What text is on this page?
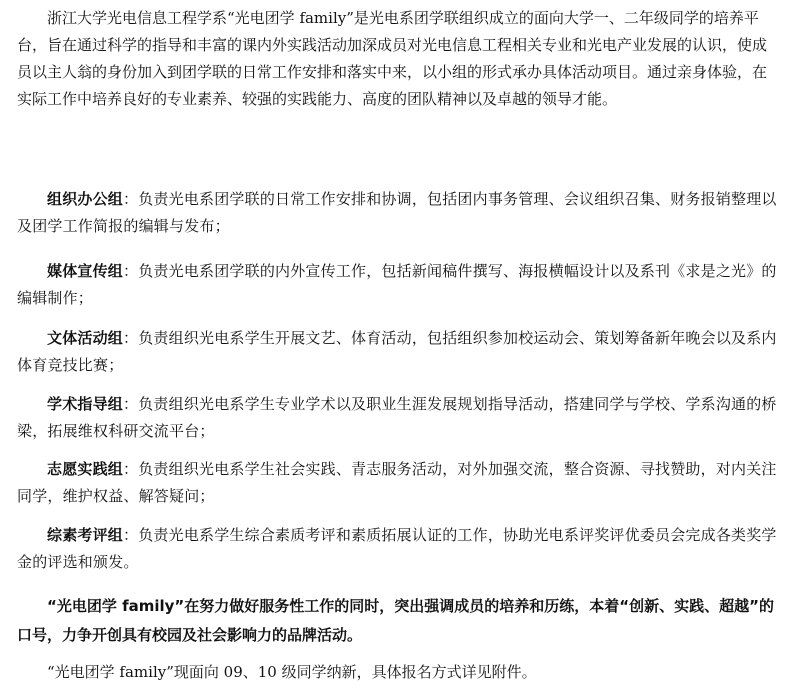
浙江大学光电信息工程学系“光电团学 family”是光电系团学联组织成立的面向大学一、二年级同学的培养平台，旨在通过科学的指导和丰富的课内外实践活动加深成员对光电信息工程相关专业和光电产业发展的认识，使成员以主人翁的身份加入到团学联的日常工作安排和落实中来，以小组的形式承办具体活动项目。通过亲身体验，在实际工作中培养良好的专业素养、较强的实践能力、高度的团队精神以及卓越的领导才能。

组织办公组：负责光电系团学联的日常工作安排和协调，包括团内事务管理、会议组织召集、财务报销整理以及团学工作简报的编辑与发布；

媒体宣传组：负责光电系团学联的内外宣传工作，包括新闻稿件撰写、海报横幅设计以及系刊《求是之光》的编辑制作；

文体活动组：负责组织光电系学生开展文艺、体育活动，包括组织参加校运动会、策划筹备新年晚会以及系内体育竞技比赛；

学术指导组：负责组织光电系学生专业学术以及职业生涯发展规划指导活动，搭建同学与学校、学系沟通的桥梁，拓展维权科研交流平台；

志愿实践组：负责组织光电系学生社会实践、青志服务活动，对外加强交流，整合资源、寻找赞助，对内关注同学，维护权益、解答疑问；

综素考评组：负责光电系学生综合素质考评和素质拓展认证的工作，协助光电系评奖评优委员会完成各类奖学金的评选和颁发。

“光电团学 family”在努力做好服务性工作的同时，突出强调成员的培养和历练，本着“创新、实践、超越”的口号，力争开创具有校园及社会影响力的品牌活动。

“光电团学 family”现面向 09、10 级同学纳新，具体报名方式详见附件。
